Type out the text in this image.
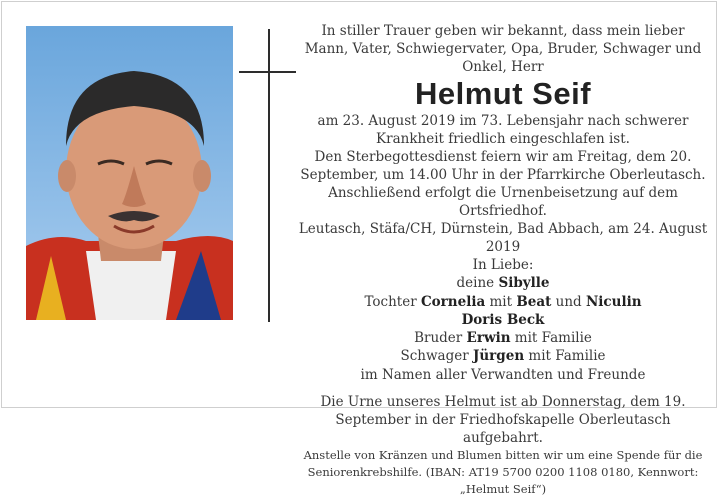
In stiller Trauer geben wir bekannt, dass mein lieber Mann, Vater, Schwiegervater, Opa, Bruder, Schwager und Onkel, Herr

Helmut Seif

am 23. August 2019 im 73. Lebensjahr nach schwerer Krankheit friedlich eingeschlafen ist.

Den Sterbegottesdienst feiern wir am Freitag, dem 20. September, um 14.00 Uhr in der Pfarrkirche Oberleutasch. Anschließend erfolgt die Urnenbeisetzung auf dem Ortsfriedhof.

Leutasch, Stäfa/CH, Dürnstein, Bad Abbach, am 24. August 2019

In Liebe:

deine Sibylle

Tochter Cornelia mit Beat und Niculin

Doris Beck

Bruder Erwin mit Familie

Schwager Jürgen mit Familie

im Namen aller Verwandten und Freunde

Die Urne unseres Helmut ist ab Donnerstag, dem 19. September in der Friedhofskapelle Oberleutasch aufgebahrt.

Anstelle von Kränzen und Blumen bitten wir um eine Spende für die Seniorenkrebshilfe. (IBAN: AT19 5700 0200 1108 0180, Kennwort: „Helmut Seif“)
